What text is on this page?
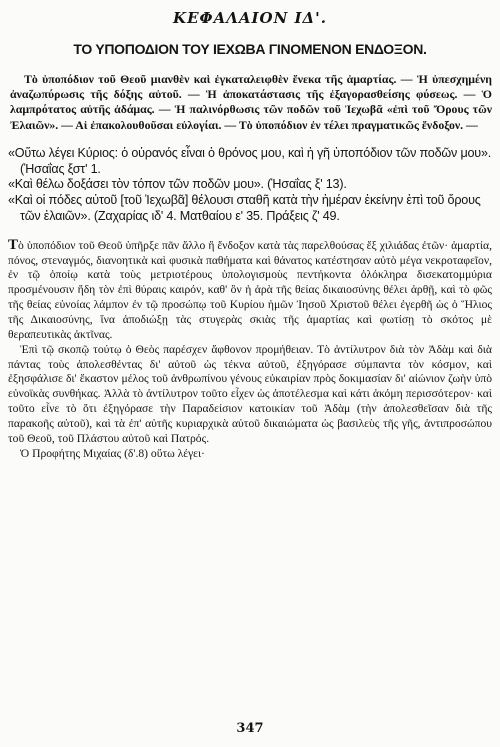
ΚΕΦΑΛΑΙΟΝ ΙΔ'.
ΤΟ ΥΠΟΠΟΔΙΟΝ ΤΟΥ ΙΕΧΩΒΑ ΓΙΝΟΜΕΝΟΝ ΕΝΔΟΞΟΝ.

Τὸ ὑποπόδιον τοῦ Θεοῦ μιανθὲν καὶ ἐγκαταλειφθὲν ἕνεκα τῆς ἁμαρτίας. — Ἡ ὑπεσχημένη ἀναζωπύρωσις τῆς δόξης αὐτοῦ. — Ἡ ἀποκατάστασις τῆς ἐξαγορασθείσης φύσεως. — Ὁ λαμπρότατος αὐτῆς ἀδάμας. — Ἡ παλινόρθωσις τῶν ποδῶν τοῦ Ἰεχωβᾶ «ἐπὶ τοῦ Ὄρους τῶν Ἐλαιῶν». — Αἱ ἐπακολουθοῦσαι εὐλογίαι. — Τὸ ὑποπόδιον ἐν τέλει πραγματικῶς ἔνδοξον. —

«Οὕτω λέγει Κύριος: ὁ οὐρανός εἶναι ὁ θρόνος μου, καὶ ἡ γῆ ὑποπόδιον τῶν ποδῶν μου». (Ἡσαΐας ξστ' 1.

«Καὶ θέλω δοξάσει τὸν τόπον τῶν ποδῶν μου». (Ἡσαΐας ξ' 13).

«Καὶ οἱ πόδες αὐτοῦ [τοῦ Ἰεχωβᾶ] θέλουσι σταθῆ κατὰ τὴν ἡμέραν ἐκείνην ἐπὶ τοῦ ὄρους τῶν ἐλαιῶν». (Ζαχαρίας ιδ' 4. Ματθαίου ε' 35. Πράξεις ζ' 49.

Τὸ ὑποπόδιον τοῦ Θεοῦ ὑπῆρξε πᾶν ἄλλο ἢ ἔνδοξον κατὰ τὰς παρελθούσας ἕξ χιλιάδας ἐτῶν· ἁμαρτία, πόνος, στεναγμός, διανοητικὰ καὶ φυσικὰ παθήματα καὶ θάνατος κατέστησαν αὐτὸ μέγα νεκροταφεῖον, ἐν τῷ ὁποίῳ κατὰ τοὺς μετριοτέρους ὑπολογισμοὺς πεντήκοντα ὁλόκληρα δισεκατομμύρια προσμένουσιν ἤδη τὸν ἐπὶ θύραις καιρόν, καθ' ὃν ἡ ἀρὰ τῆς θείας δικαιοσύνης θέλει ἀρθῇ, καὶ τὸ φῶς τῆς θείας εὐνοίας λάμπον ἐν τῷ προσώπῳ τοῦ Κυρίου ἡμῶν Ἰησοῦ Χριστοῦ θέλει ἐγερθῆ ὡς ὁ Ἥλιος τῆς Δικαιοσύνης, ἵνα ἀποδιώξῃ τὰς στυγερὰς σκιὰς τῆς ἁμαρτίας καὶ φωτίσῃ τὸ σκότος μὲ θεραπευτικὰς ἀκτῖνας.

Ἐπὶ τῷ σκοπῷ τούτῳ ὁ Θεὸς παρέσχεν ἄφθονον προμήθειαν. Τὸ ἀντίλυτρον διὰ τὸν Ἀδὰμ καὶ διὰ πάντας τοὺς ἀπολεσθέντας δι' αὐτοῦ ὡς τέκνα αὐτοῦ, ἐξηγόρασε σύμπαντα τὸν κόσμον, καὶ ἐξησφάλισε δι' ἕκαστον μέλος τοῦ ἀνθρωπίνου γένους εὐκαιρίαν πρὸς δοκιμασίαν δι' αἰώνιον ζωὴν ὑπὸ εὐνοϊκὰς συνθήκας. Ἀλλὰ τὸ ἀντίλυτρον τοῦτο εἶχεν ὡς ἀποτέλεσμα καὶ κάτι ἀκόμη περισσότερον· καὶ τοῦτο εἶνε τὸ ὅτι ἐξηγόρασε τὴν Παραδείσιον κατοικίαν τοῦ Ἀδὰμ (τὴν ἀπολεσθεῖσαν διὰ τῆς παρακοῆς αὐτοῦ), καὶ τὰ ἐπ' αὐτῆς κυριαρχικὰ αὐτοῦ δικαιώματα ὡς βασιλεὺς τῆς γῆς, ἀντιπροσώπου τοῦ Θεοῦ, τοῦ Πλάστου αὐτοῦ καὶ Πατρός.

Ὁ Προφήτης Μιχαίας (δ'.8) οὕτω λέγει·

347
